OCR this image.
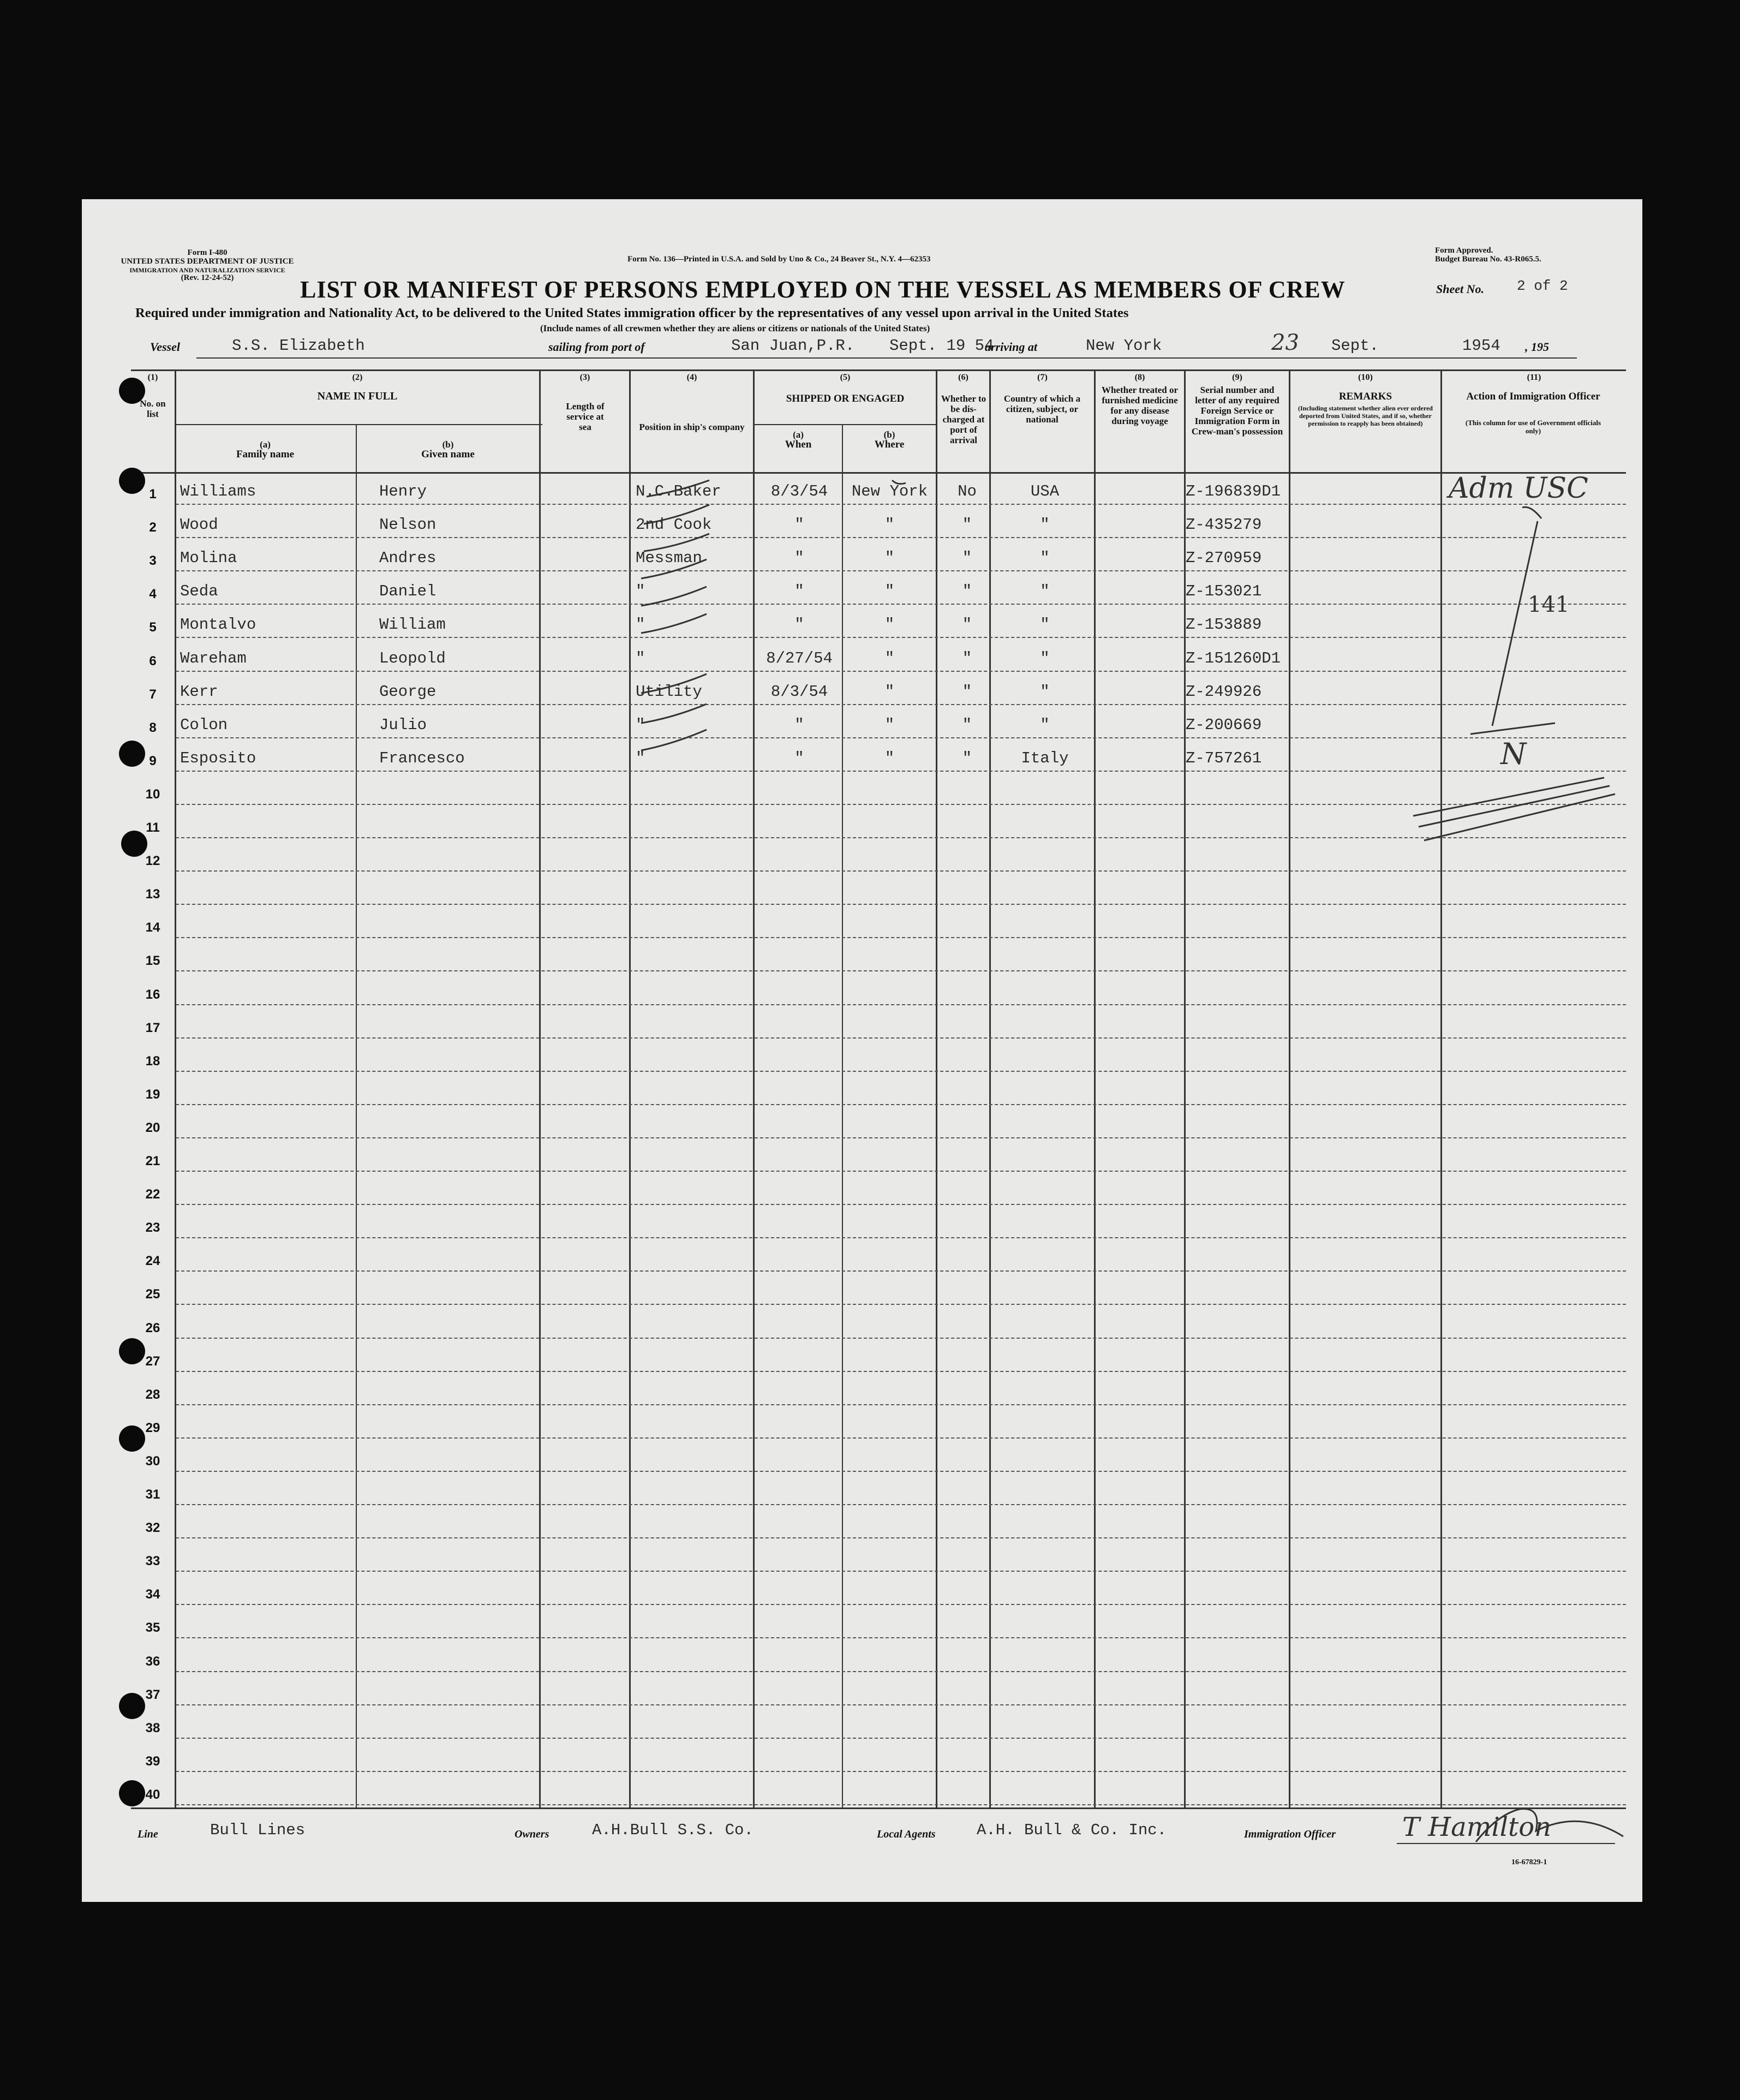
Form I-480
UNITED STATES DEPARTMENT OF JUSTICE
IMMIGRATION AND NATURALIZATION SERVICE
(Rev. 12-24-52)
Form No. 136—Printed in U.S.A. and Sold by Uno & Co., 24 Beaver St., N.Y. 4—62353
Form Approved.
Budget Bureau No. 43-R065.5.
LIST OR MANIFEST OF PERSONS EMPLOYED ON THE VESSEL AS MEMBERS OF CREW	Sheet No. 2 of 2
Required under immigration and Nationality Act, to be delivered to the United States immigration officer by the representatives of any vessel upon arrival in the United States
(Include names of all crewmen whether they are aliens or citizens or nationals of the United States)
Vessel	S.S. Elizabeth	sailing from port of	San Juan,P.R. Sept. 19 54
arriving at	New York	23 Sept.	1954 , 195
(1)
No. on list
(2)
NAME IN FULL
(a)
Family name
(b)
Given name
(3)
Length of service at sea
(4)
Position in ship's company
(5)
SHIPPED OR ENGAGED
(a)
When
(b)
Where
(6)
Whether to be dis-charged at port of arrival
(7)
Country of which a citizen, subject, or national
(8)
Whether treated or furnished medicine for any disease during voyage
(9)
Serial number and letter of any required Foreign Service or Immigration Form in Crew-man's possession
(10)
REMARKS
(Including statement whether alien ever ordered deported from United States, and if so, whether permission to reapply has been obtained)
(11)
Action of Immigration Officer
(This column for use of Government officials only)
1	Williams	Henry	N.C.Baker	8/3/54	New York	No	USA	Z-196839D1
2	Wood	Nelson	2nd Cook	"	"	"	"	Z-435279
3	Molina	Andres	Messman	"	"	"	"	Z-270959
4	Seda	Daniel	"	"	"	"	"	Z-153021
5	Montalvo	William	"	"	"	"	"	Z-153889
6	Wareham	Leopold	"	8/27/54	"	"	"	Z-151260D1
7	Kerr	George	Utility	8/3/54	"	"	"	Z-249926
8	Colon	Julio	"	"	"	"	"	Z-200669
9	Esposito	Francesco	"	"	"	"	Italy	Z-757261
10
11
12
13
14
15
16
17
18
19
20
21
22
23
24
25
26
27
28
29
30
31
32
33
34
35
36
37
38
39
40
Adm USC
141
N
Line	Bull Lines	Owners	A.H.Bull S.S. Co.	Local Agents	A.H. Bull & Co. Inc.	Immigration Officer	T Hamilton
16-67829-1
